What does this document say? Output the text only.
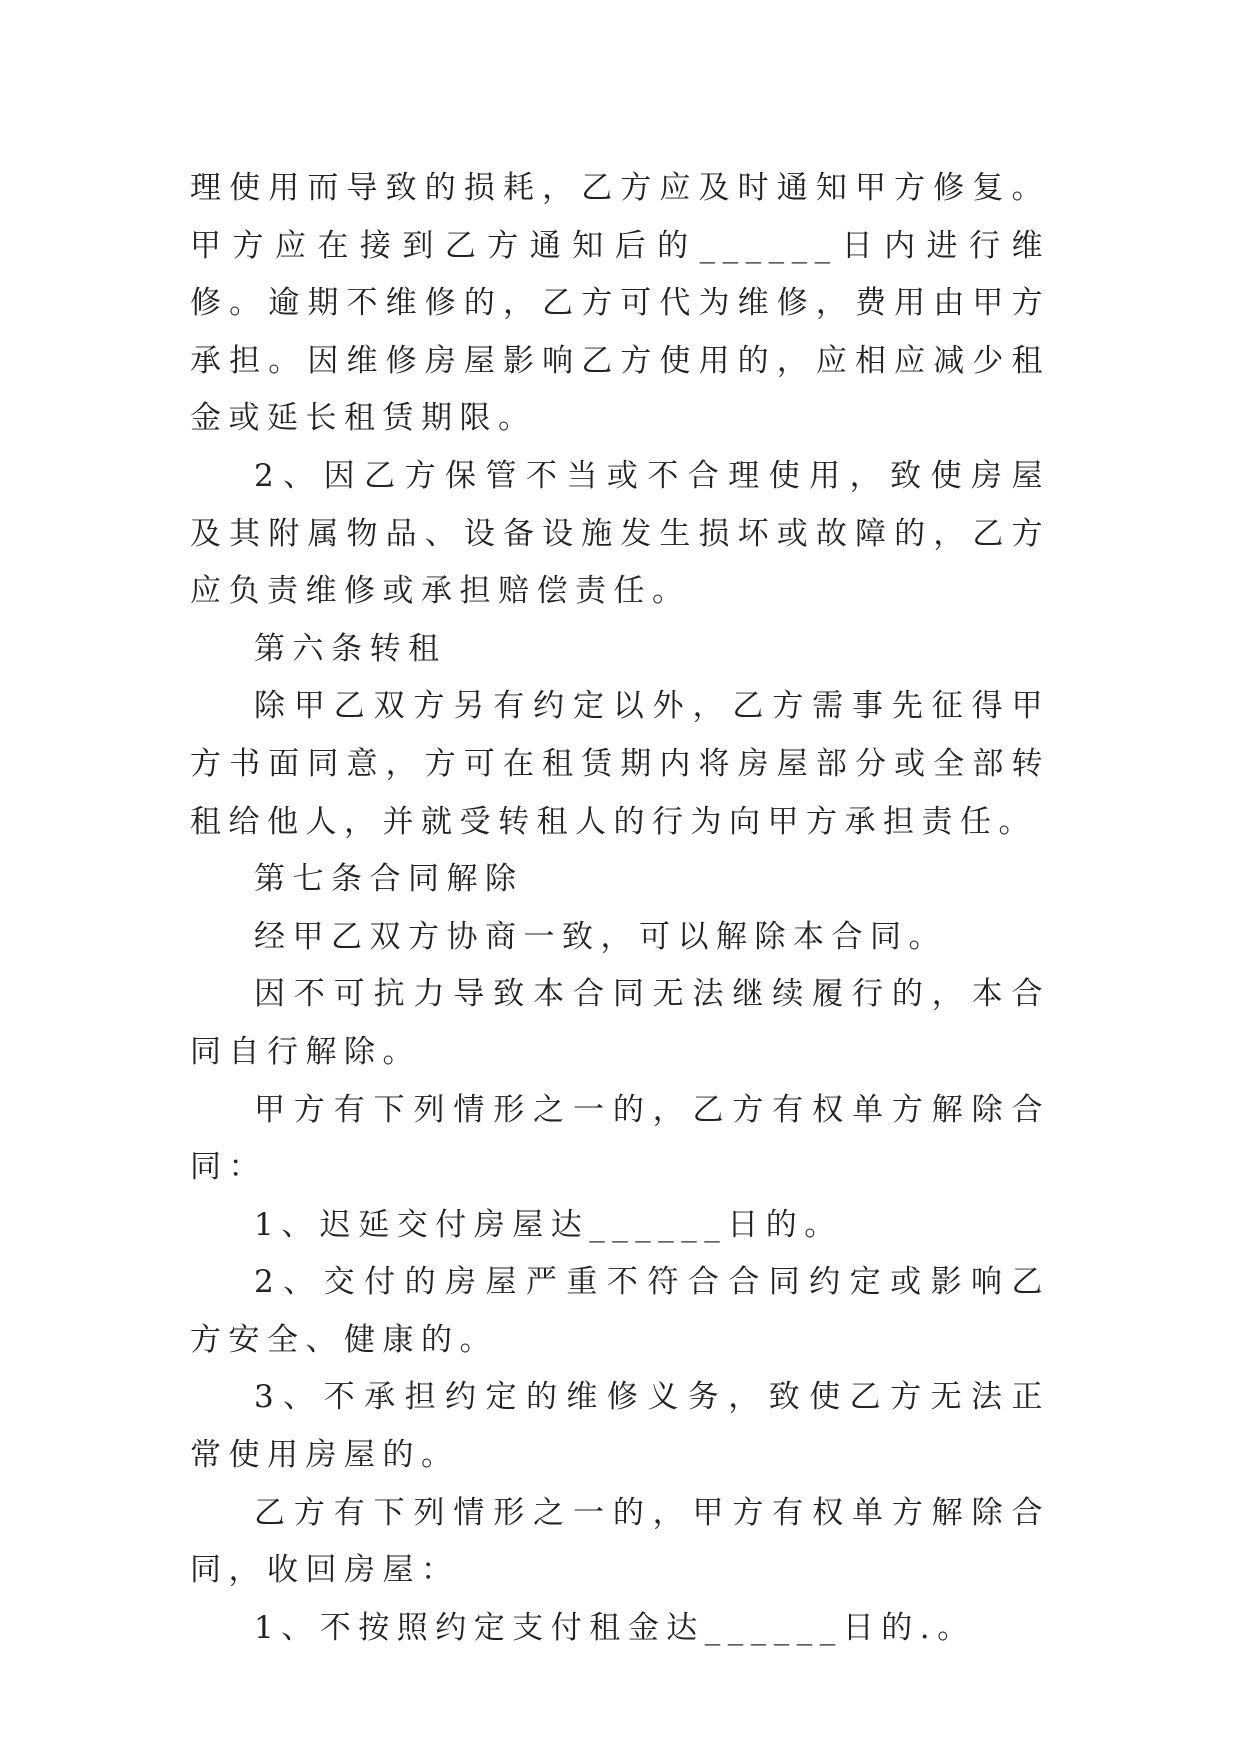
理使用而导致的损耗，乙方应及时通知甲方修复。甲方应在接到乙方通知后的______日内进行维修。逾期不维修的，乙方可代为维修，费用由甲方承担。因维修房屋影响乙方使用的，应相应减少租金或延长租赁期限。

2、因乙方保管不当或不合理使用，致使房屋及其附属物品、设备设施发生损坏或故障的，乙方应负责维修或承担赔偿责任。

第六条转租

除甲乙双方另有约定以外，乙方需事先征得甲方书面同意，方可在租赁期内将房屋部分或全部转租给他人，并就受转租人的行为向甲方承担责任。

第七条合同解除

经甲乙双方协商一致，可以解除本合同。

因不可抗力导致本合同无法继续履行的，本合同自行解除。

甲方有下列情形之一的，乙方有权单方解除合同：

1、迟延交付房屋达______日的。

2、交付的房屋严重不符合合同约定或影响乙方安全、健康的。

3、不承担约定的维修义务，致使乙方无法正常使用房屋的。

乙方有下列情形之一的，甲方有权单方解除合同，收回房屋：

1、不按照约定支付租金达______日的.。
